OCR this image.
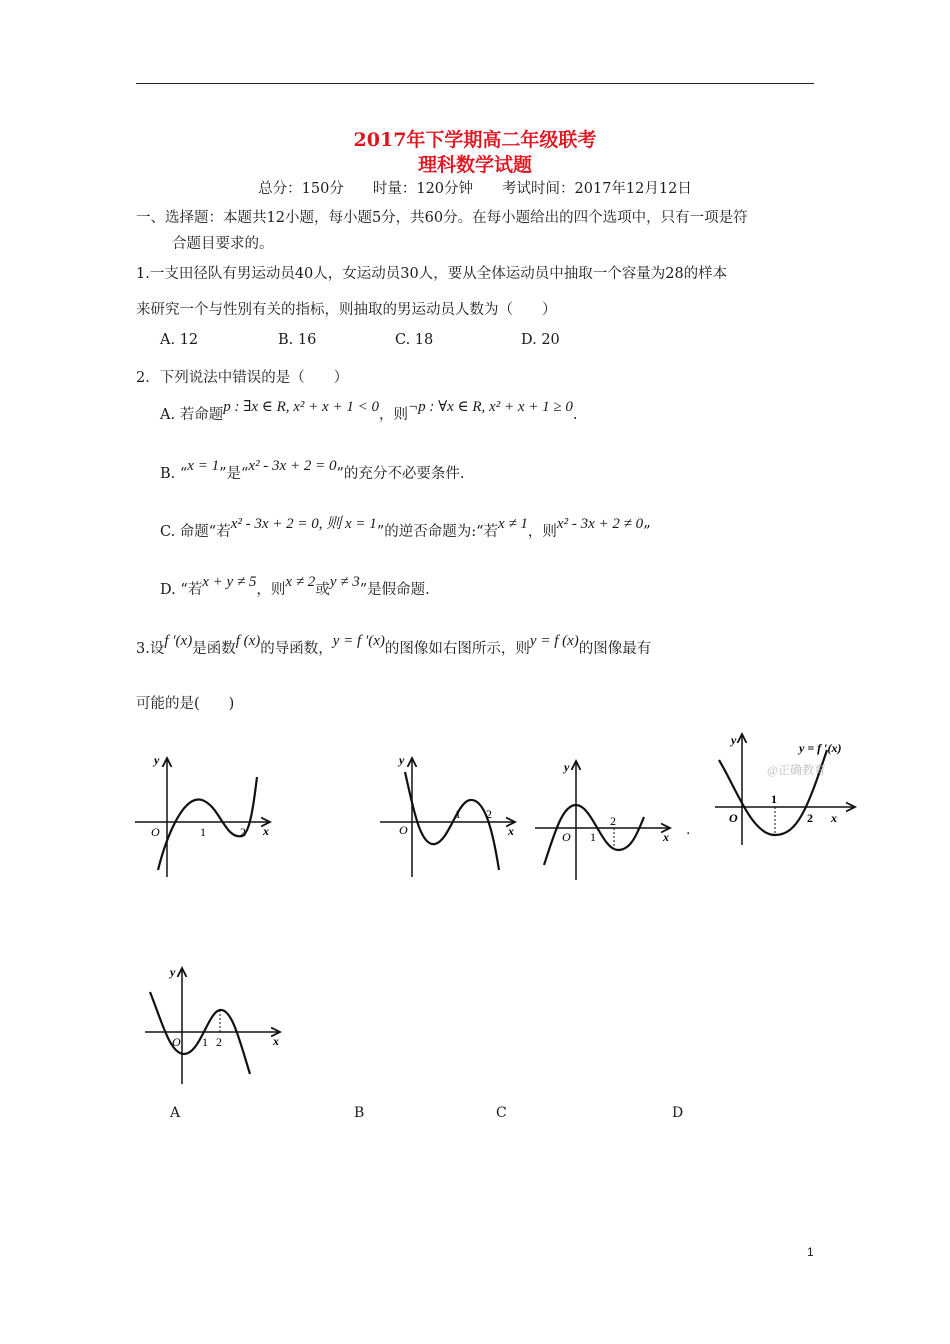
2017年下学期高二年级联考
理科数学试题
总分：150分　　时量：120分钟　　考试时间：2017年12月12日
一、选择题：本题共12小题，每小题5分，共60分。在每小题给出的四个选项中，只有一项是符
合题目要求的。
1.一支田径队有男运动员40人，女运动员30人，要从全体运动员中抽取一个容量为28的样本
来研究一个与性别有关的指标，则抽取的男运动员人数为（　　）
A. 12	B. 16	C. 18	D. 20
2．下列说法中错误的是（　　）
A. 若命题p : ∃x ∈ R, x² + x + 1 < 0，则¬p : ∀x ∈ R, x² + x + 1 ≥ 0.
B. “x = 1”是“x² - 3x + 2 = 0”的充分不必要条件.
C. 命题“若x² - 3x + 2 = 0, 则 x = 1”的逆否命题为:“若x ≠ 1，则x² - 3x + 2 ≠ 0”
D. “若x + y ≠ 5，则x ≠ 2或y ≠ 3”是假命题.
3.设f ′(x)是函数f (x)的导函数，y = f ′(x)的图像如右图所示，则y = f (x)的图像最有
可能的是(　　)
y
x
O	1	2
y
x
O
1 2
y
x
O 1
2
.
y
y = f ′(x)
@正确教育
O
1
2 x
y
x
O 1 2
A	B	C	D
1
